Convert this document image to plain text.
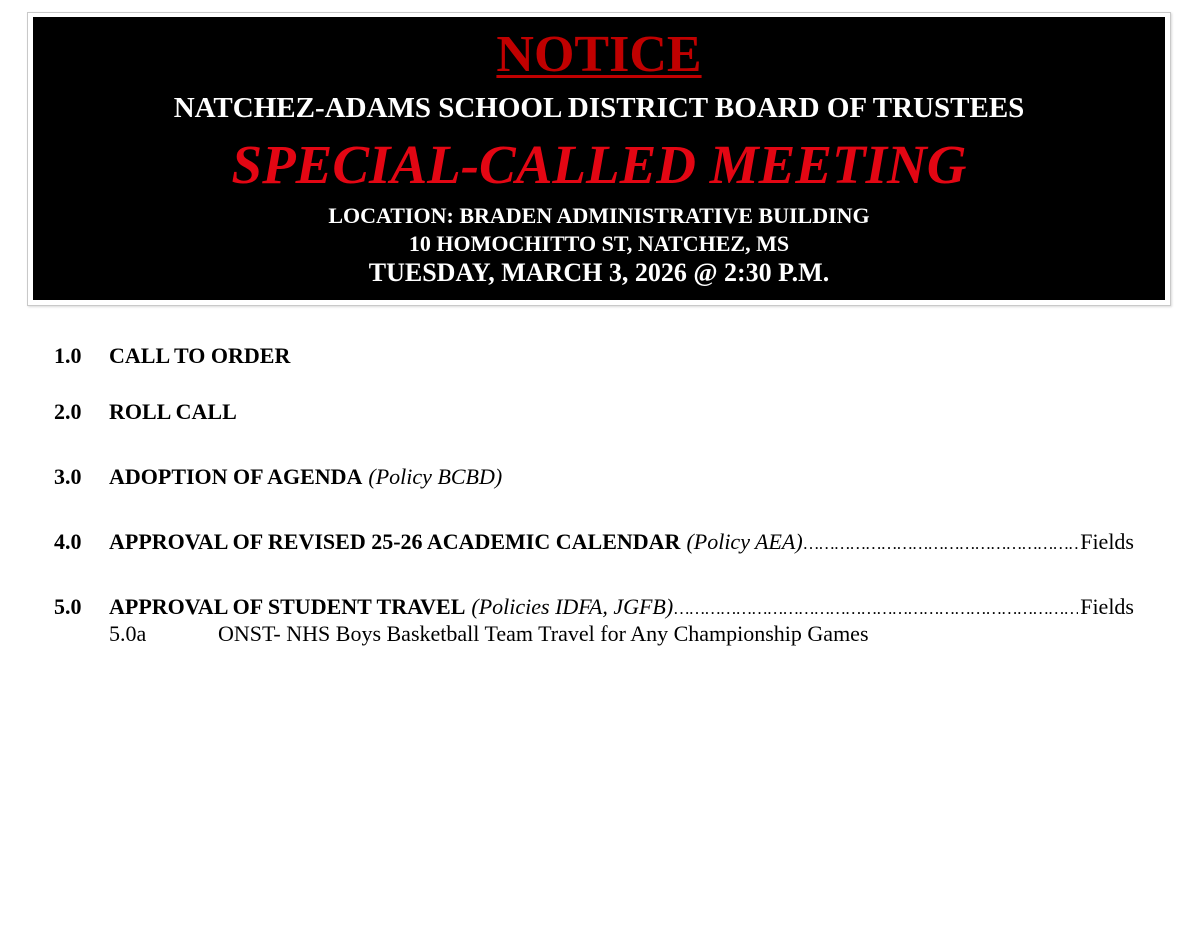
NOTICE
NATCHEZ-ADAMS SCHOOL DISTRICT BOARD OF TRUSTEES
SPECIAL-CALLED MEETING
LOCATION: BRADEN ADMINISTRATIVE BUILDING
10 HOMOCHITTO ST, NATCHEZ, MS
TUESDAY, MARCH 3, 2026 @ 2:30 P.M.
1.0 CALL TO ORDER
2.0 ROLL CALL
3.0 ADOPTION OF AGENDA (Policy BCBD)
4.0 APPROVAL OF REVISED 25-26 ACADEMIC CALENDAR (Policy AEA) ……………………………………………………………………………………………………………………………………………………………………………	Fields
5.0 APPROVAL OF STUDENT TRAVEL (Policies IDFA, JGFB) ……………………………………………………………………………………………………………………………………………………………………………	Fields
5.0a	ONST- NHS Boys Basketball Team Travel for Any Championship Games
